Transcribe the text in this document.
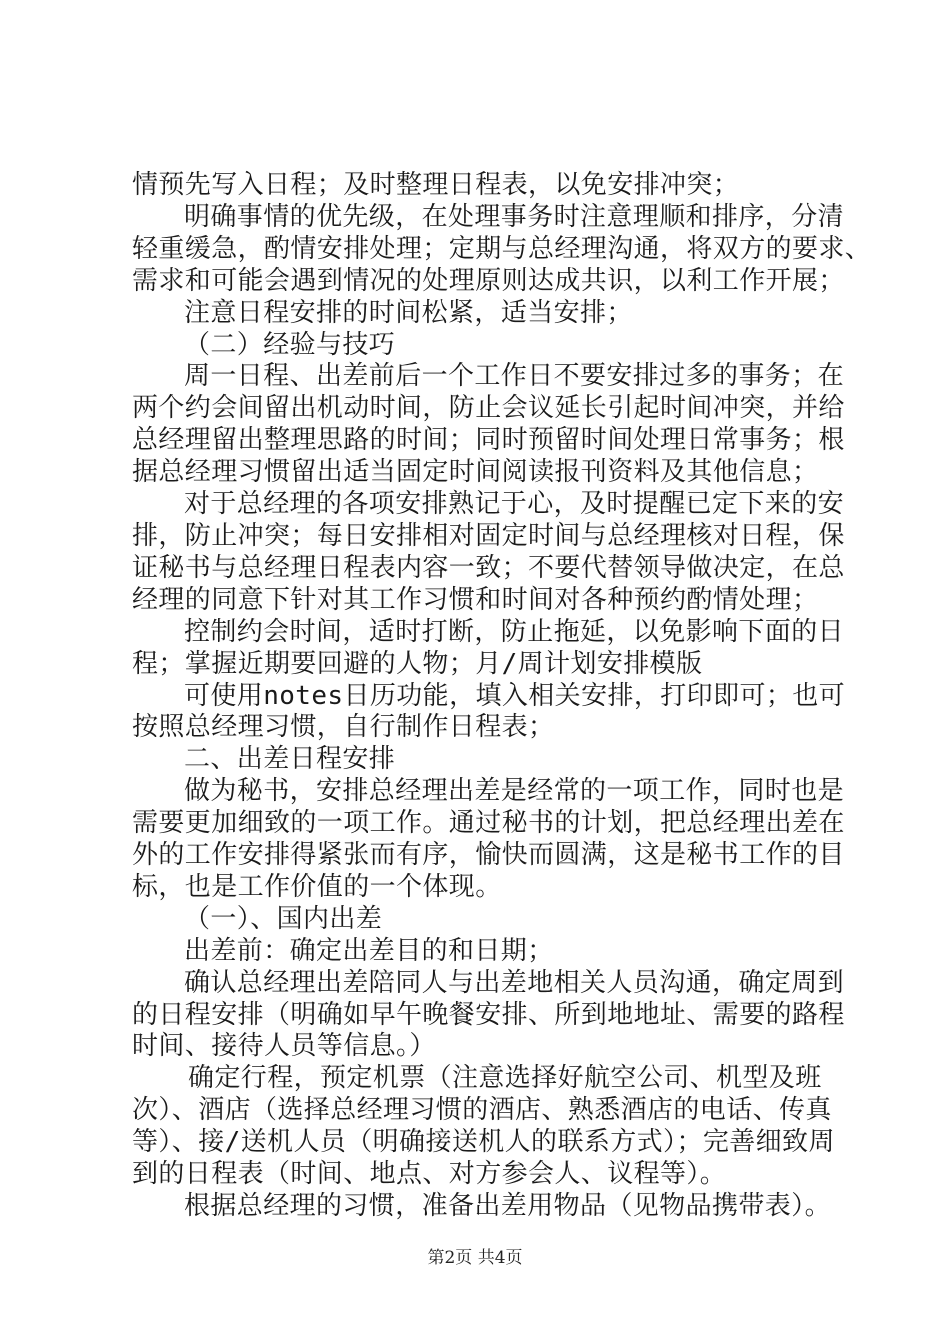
情预先写入日程；及时整理日程表，以免安排冲突；
明确事情的优先级，在处理事务时注意理顺和排序，分清
轻重缓急，酌情安排处理；定期与总经理沟通，将双方的要求、
需求和可能会遇到情况的处理原则达成共识，以利工作开展；
注意日程安排的时间松紧，适当安排；
（二）经验与技巧
周一日程、出差前后一个工作日不要安排过多的事务；在
两个约会间留出机动时间，防止会议延长引起时间冲突，并给
总经理留出整理思路的时间；同时预留时间处理日常事务；根
据总经理习惯留出适当固定时间阅读报刊资料及其他信息；
对于总经理的各项安排熟记于心，及时提醒已定下来的安
排，防止冲突；每日安排相对固定时间与总经理核对日程，保
证秘书与总经理日程表内容一致；不要代替领导做决定，在总
经理的同意下针对其工作习惯和时间对各种预约酌情处理；
控制约会时间，适时打断，防止拖延，以免影响下面的日
程；掌握近期要回避的人物；月/周计划安排模版
可使用notes日历功能，填入相关安排，打印即可；也可
按照总经理习惯，自行制作日程表；
二、出差日程安排
做为秘书，安排总经理出差是经常的一项工作，同时也是
需要更加细致的一项工作。通过秘书的计划，把总经理出差在
外的工作安排得紧张而有序，愉快而圆满，这是秘书工作的目
标，也是工作价值的一个体现。
（一）、国内出差
出差前：确定出差目的和日期；
确认总经理出差陪同人与出差地相关人员沟通，确定周到
的日程安排（明确如早午晚餐安排、所到地地址、需要的路程
时间、接待人员等信息。）
确定行程，预定机票（注意选择好航空公司、机型及班
次）、酒店（选择总经理习惯的酒店、熟悉酒店的电话、传真
等）、接/送机人员（明确接送机人的联系方式）；完善细致周
到的日程表（时间、地点、对方参会人、议程等）。
根据总经理的习惯，准备出差用物品（见物品携带表）。
第2页 共4页
